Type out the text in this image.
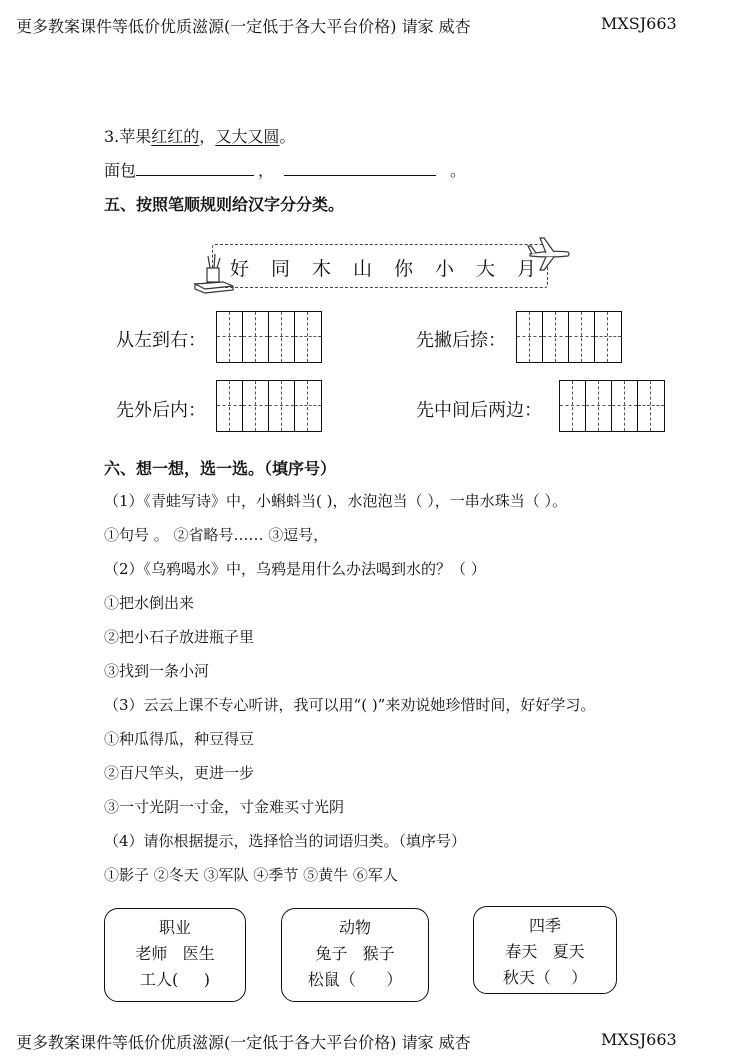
更多教案课件等低价优质滋源(一定低于各大平台价格) 请家 威杏	MXSJ663
3.苹果红红的，又大又圆。
面包	，	。
五、按照笔顺规则给汉字分分类。
好 同 木 山 你 小 大 月
从左到右：	先撇后捺：
先外后内：	先中间后两边：
六、想一想，选一选。（填序号）
（1）《青蛙写诗》中，小蝌蚪当( )，水泡泡当（ ），一串水珠当（ ）。
①句号 。 ②省略号…… ③逗号，
（2）《乌鸦喝水》中，乌鸦是用什么办法喝到水的？（ ）
①把水倒出来
②把小石子放进瓶子里
③找到一条小河
（3）云云上课不专心听讲，我可以用“( )”来劝说她珍惜时间，好好学习。
①种瓜得瓜，种豆得豆
②百尺竿头，更进一步
③一寸光阴一寸金，寸金难买寸光阴
（4）请你根据提示，选择恰当的词语归类。（填序号）
①影子 ②冬天 ③军队 ④季节 ⑤黄牛 ⑥军人
职业
老师   医生
工人(     )
动物
兔子   猴子
松鼠（      ）
四季
春天   夏天
秋天（    ）
更多教案课件等低价优质滋源(一定低于各大平台价格) 请家 威杏	MXSJ663
